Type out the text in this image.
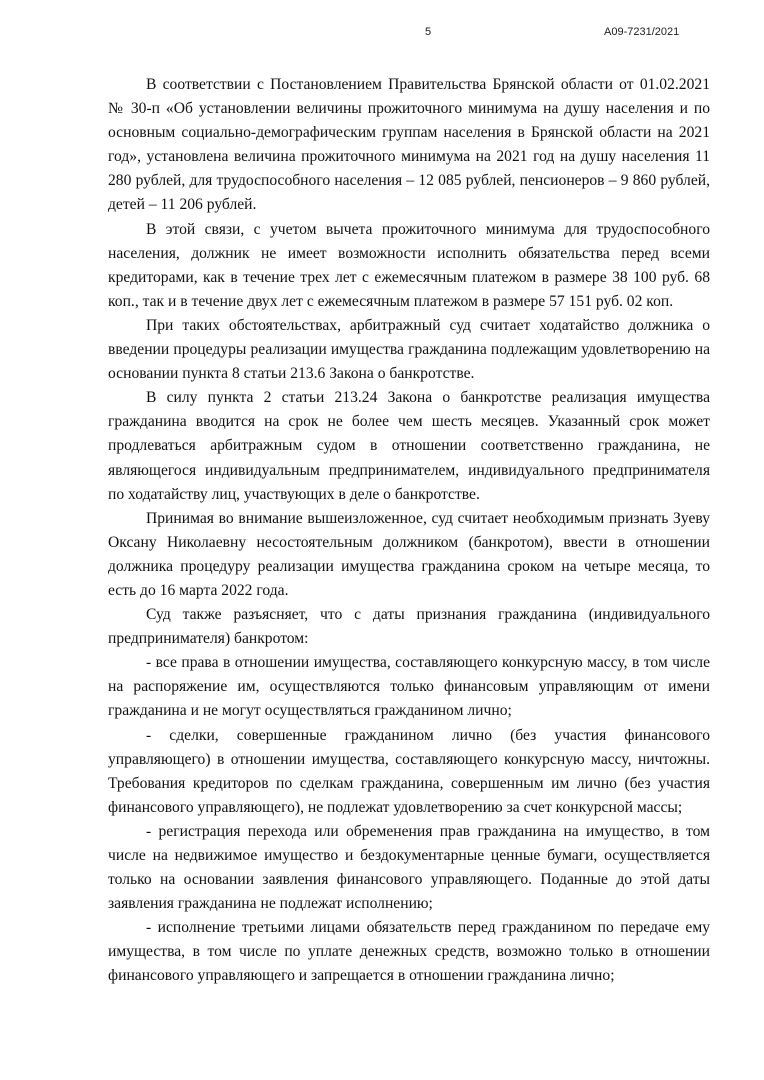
5	А09-7231/2021

В соответствии с Постановлением Правительства Брянской области от 01.02.2021 № 30-п «Об установлении величины прожиточного минимума на душу населения и по основным социально-демографическим группам населения в Брянской области на 2021 год», установлена величина прожиточного минимума на 2021 год на душу населения 11 280 рублей, для трудоспособного населения – 12 085 рублей, пенсионеров – 9 860 рублей, детей – 11 206 рублей.

В этой связи, с учетом вычета прожиточного минимума для трудоспособного населения, должник не имеет возможности исполнить обязательства перед всеми кредиторами, как в течение трех лет с ежемесячным платежом в размере 38 100 руб. 68 коп., так и в течение двух лет с ежемесячным платежом в размере 57 151 руб. 02 коп.

При таких обстоятельствах, арбитражный суд считает ходатайство должника о введении процедуры реализации имущества гражданина подлежащим удовлетворению на основании пункта 8 статьи 213.6 Закона о банкротстве.

В силу пункта 2 статьи 213.24 Закона о банкротстве реализация имущества гражданина вводится на срок не более чем шесть месяцев. Указанный срок может продлеваться арбитражным судом в отношении соответственно гражданина, не являющегося индивидуальным предпринимателем, индивидуального предпринимателя по ходатайству лиц, участвующих в деле о банкротстве.

Принимая во внимание вышеизложенное, суд считает необходимым признать Зуеву Оксану Николаевну несостоятельным должником (банкротом), ввести в отношении должника процедуру реализации имущества гражданина сроком на четыре месяца, то есть до 16 марта 2022 года.

Суд также разъясняет, что с даты признания гражданина (индивидуального предпринимателя) банкротом:

- все права в отношении имущества, составляющего конкурсную массу, в том числе на распоряжение им, осуществляются только финансовым управляющим от имени гражданина и не могут осуществляться гражданином лично;

- сделки, совершенные гражданином лично (без участия финансового управляющего) в отношении имущества, составляющего конкурсную массу, ничтожны. Требования кредиторов по сделкам гражданина, совершенным им лично (без участия финансового управляющего), не подлежат удовлетворению за счет конкурсной массы;

- регистрация перехода или обременения прав гражданина на имущество, в том числе на недвижимое имущество и бездокументарные ценные бумаги, осуществляется только на основании заявления финансового управляющего. Поданные до этой даты заявления гражданина не подлежат исполнению;

- исполнение третьими лицами обязательств перед гражданином по передаче ему имущества, в том числе по уплате денежных средств, возможно только в отношении финансового управляющего и запрещается в отношении гражданина лично;
